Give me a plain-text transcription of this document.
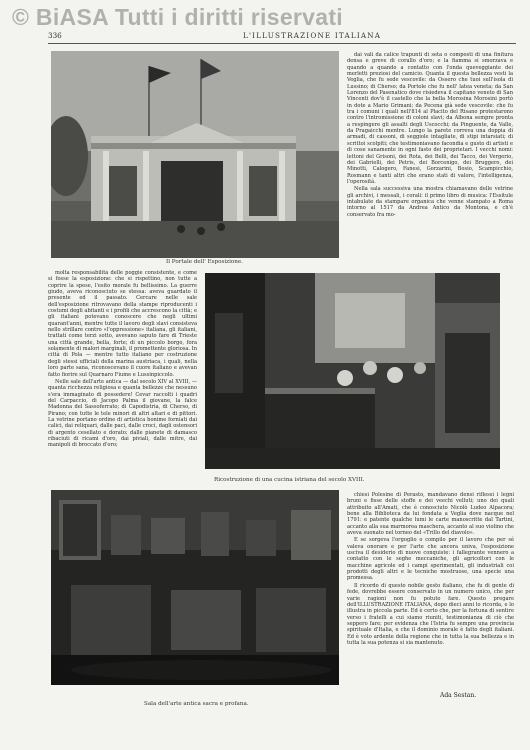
© BiASA Tutti i diritti riservati
336	L'ILLUSTRAZIONE ITALIANA
Il Portale dell' Esposizione.

dai vali da calice trapunti di seta o composti di una finitura densa e greve di corallo d'oro; e la fiamma si smorzava e quando a quando a contatto con l'onda queveggiante dei merletti preziosi del camicio. Quanta il questa bellezza vesti la Veglia, che fu sede vescovile: da Ossero che tuoi sull'isola di Lussino; di Cherso; da Portole che fu nell' latea veneta; da San Lorenzo del Pasenatico dove risiedeva il capitano veneto di San Vincenti dov'è il castello che la bella Morosina Morosini portò in dote a Mario Grimani; da Pecena già sede vescovile: che fu tra i comuni i quali nell'814 al Placito del Risano protestarono contro l'intromissione di coloni slavi; da Albona sempre pronta a respingere gli assalti degli Uscocchi; da Pinguente, da Valle, da Pragaicchi mentre. Lungo la parete correva una doppia di armadi, di cassoni, di seggiole intagliate, di stipi intarsiati; di scrittoi scolpiti; che testimoniavano facondia e gusto di artisti e di cose sanamente in ogni fasto dei proprietari. I vecchi nomi: lettoni del Grisoni, dei Rota, dei Belli, dei Tacco, dei Vergerio, dei Gabrielli, dei Petris, dei Borcenigo, dei Bruggero, dei Minotti, Calogero, Fanesi, Gorzarini, Bosio, Scampicchio, Rosmann e tanti altri che erano stati di valore, l'intelligenza, l'operosità.

Nella sala successiva una mostra chiamavano delle vetrine gli archivi, i messali, i corali: il primo libro di musica: l'Essitule intabulate da stampare organica che venne stampato a Roma intorno al 1517 da Andrea Antico da Montona, e ch'è conservato fra mo-

molta responsabilità delle poggie consistente, e come si fosse la esposizione: che si rispettino, non tutte a coprire la spese, l'esito morale fu bellissimo. La guerre giudo, aveva riconosciuto se stessa: aveva guardato il presente ed il passato. Cercare nelle sale dell'esposizione ritrovavano della stampe riproducenti i costumi degli abitanti e i profili che accrescono la città; e gli italiani potevano conoscere che negli ultimi quarant'anni, mentre tutte il lavoro degli slavi consisteva nello strillare contro «l'oppressione» italiana, gli italiani, trattati come terzi sotto, avevano saputo fare di Trieste una città grande, bella, forte; di un piccolo borgo, fora solamente di malori marginali, il promettente gloriosa. In città di Pola — mentre tutto italiano per costruzione degli stessi ufficiali della marina austriaca, i quali, nella loro parte sana, riconoscevano il cuore italiano e avevan fatto fiorire sul Quarnaro Fiume e Lussinpiccolo.

Nelle sale dell'arte antica — dal secolo XIV al XVIII, — quanta ricchezza religiosa e quanta bellezze che nessuno s'era immaginato di possedere! Cevar raccolti i quadri del Carpaccio, di Jacopo Palma il giovane, la falce Madonna del Sassoferrato; di Capodistria, di Cherso, di Pirano; con tutte le tele minori di altri altari e di pittori. La vetrine portano ordine di artistica bonime forniati dai calici, dai reliquari, dalle paci, dalle croci, dagli ostensori di argento cesellato e dorato; dalle pianete di damasco ribaciuti di ricami d'oro, dai piviali, dalle mitre, dai manipoli di broccato d'oro;

Ricostruzione di una cucina istriana del secolo XVIII.
Sala dell'arte antica sacra e profana.

chiesi Polesine di Perasto, mandavano densi riflessi i legni bruni e fisse delle stoffe e dei veechi velluti; uno dei quali attribuito all'Amati, che è conosciuto Nicolò Ludeo Alpacora; bene alla Biblioteca da lui fondata a Veglia dove nacque nel 1791: e patente qualche lumi le carte manoscritte dal Tartini, accanto alla sua marmorea maschera, accanto al suo violino che aveva suonato nel torneo del «Trillo del diavolo».

E se sorgeva l'orgoglio o compilo per il lavoro che per sé valeva onorare e per l'arte che ancora univa, l'esposizione usciva il desiderio di nuove conquiste: i fallegrante vennero a contatto con le seghe meccaniche, gli agricoltori con le macchine agricole ed i campi sperimentati, gli industriali coi prodotti degli altri e le tecniche mostruose, una specie una promessa.

Il ricordo di questo nobile gesto italiano, che fu di gente di fede, dovrebbe essere conservato in un numero unico, che per varie ragioni non fu potuto fare. Questo pregare dell'ILLUSTRAZIONE ITALIANA, dopo dieci anni lo ricorda, e lo illustra in piccola parte. Ed è certo che, per la fortuna di sentire verso i fratelli a cui siamo riuniti, testimonianza di ciò che seppero fare; per evidenza che l'Istria fu sempre una provincia spirituale d'Italia, e che il dominio morale è fatto degli italiani. Ed è voto ardente della regione che in tutta la sua bellezza e in tutta la sua potenza si sia mantenuto.

Ada Sestan.
